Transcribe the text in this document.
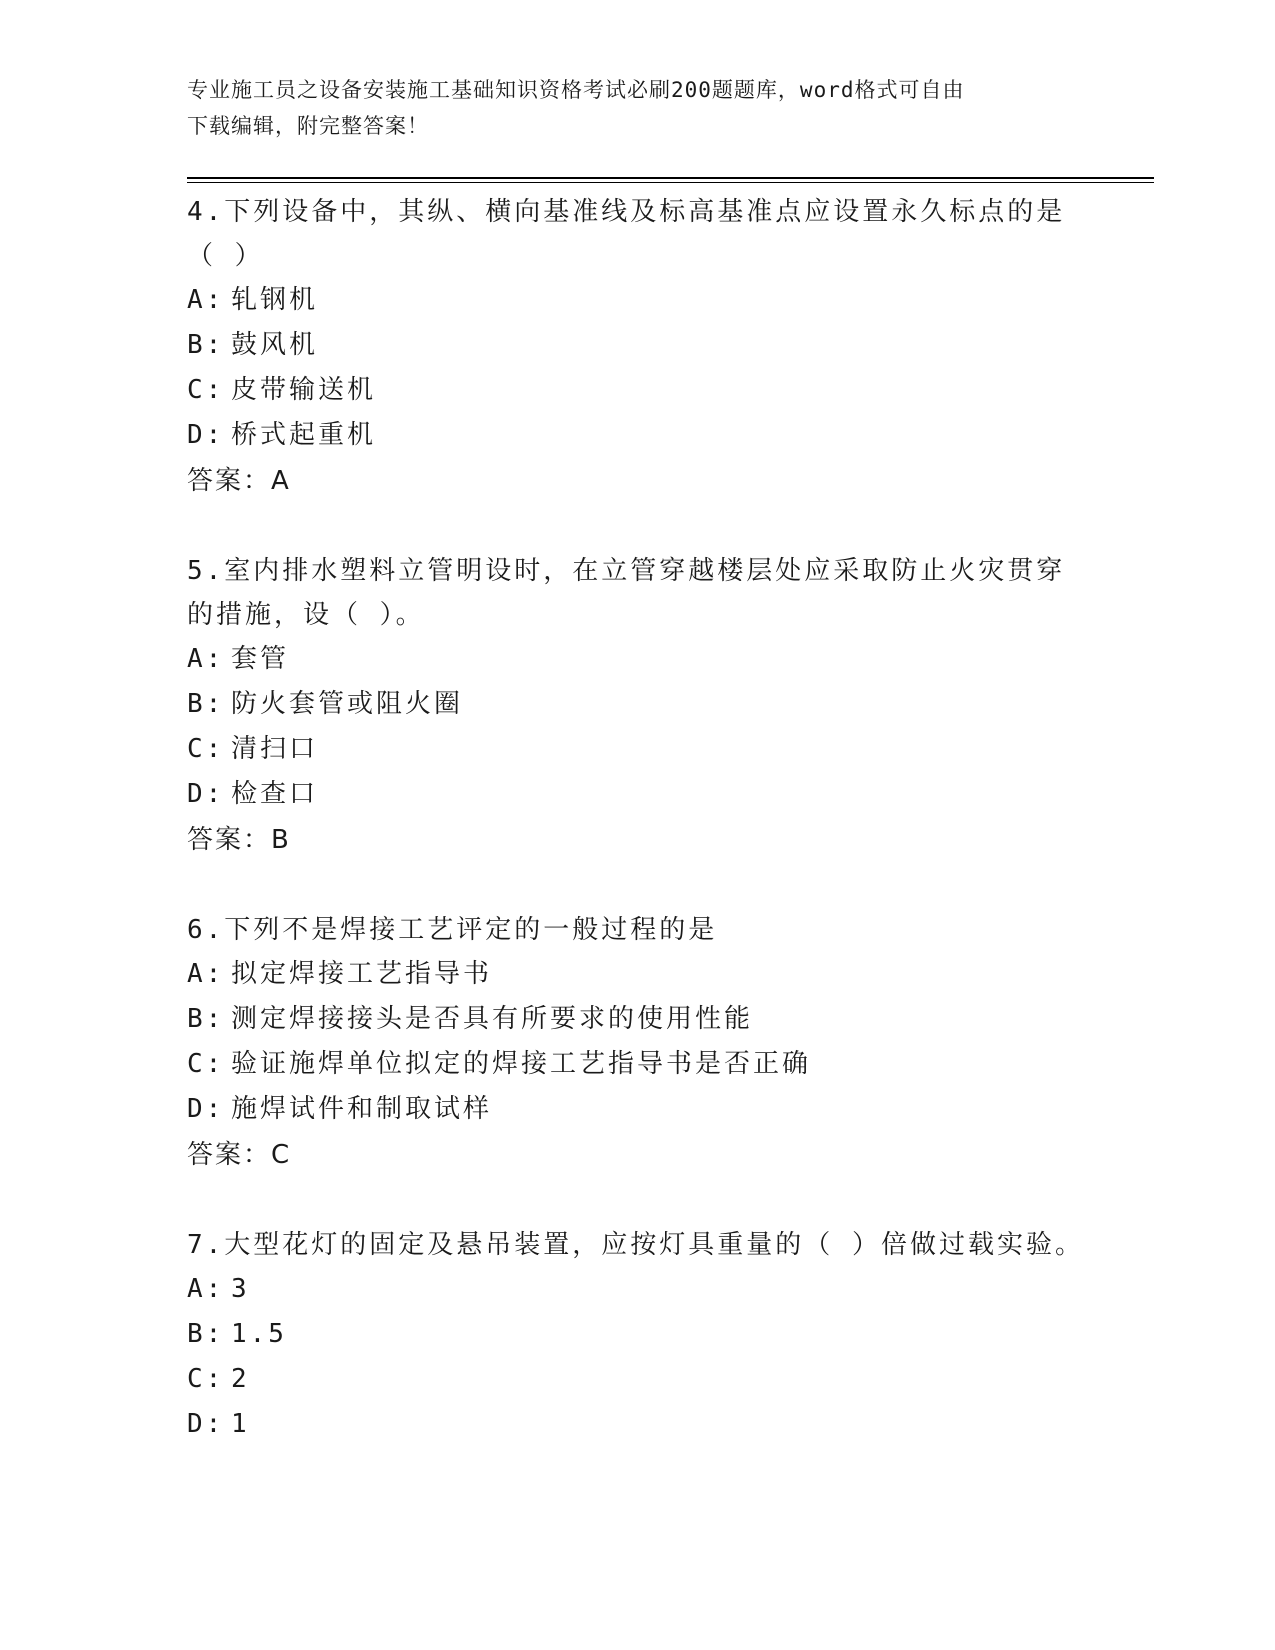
专业施工员之设备安装施工基础知识资格考试必刷200题题库，word格式可自由
下载编辑，附完整答案！

4.下列设备中，其纵、横向基准线及标高基准点应设置永久标点的是（ ）

A: 轧钢机

B: 鼓风机

C: 皮带输送机

D: 桥式起重机

答案：A

5.室内排水塑料立管明设时，在立管穿越楼层处应采取防止火灾贯穿的措施，设（ ）。

A: 套管

B: 防火套管或阻火圈

C: 清扫口

D: 检查口

答案：B

6.下列不是焊接工艺评定的一般过程的是

A: 拟定焊接工艺指导书

B: 测定焊接接头是否具有所要求的使用性能

C: 验证施焊单位拟定的焊接工艺指导书是否正确

D: 施焊试件和制取试样

答案：C

7.大型花灯的固定及悬吊装置，应按灯具重量的（ ）倍做过载实验。

A: 3

B: 1.5

C: 2

D: 1
